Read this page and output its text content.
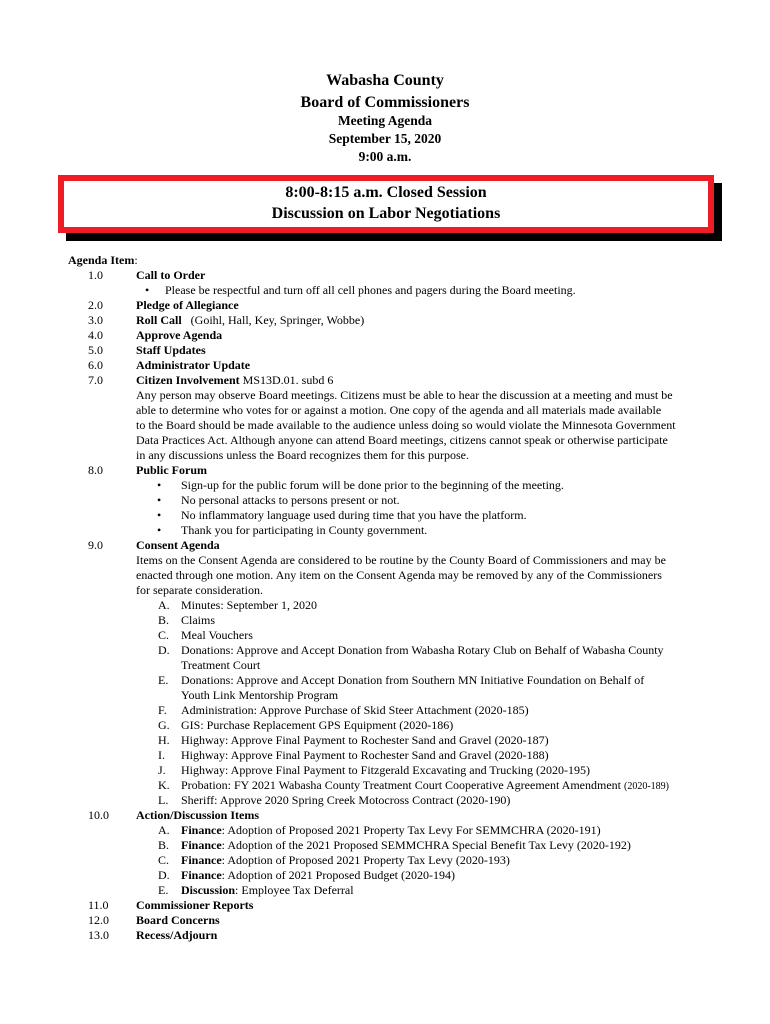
Wabasha County
Board of Commissioners
Meeting Agenda
September 15, 2020
9:00 a.m.
8:00-8:15 a.m. Closed Session
Discussion on Labor Negotiations
Agenda Item:
1.0	Call to Order
• Please be respectful and turn off all cell phones and pagers during the Board meeting.
2.0	Pledge of Allegiance
3.0	Roll Call (Goihl, Hall, Key, Springer, Wobbe)
4.0	Approve Agenda
5.0	Staff Updates
6.0	Administrator Update
7.0	Citizen Involvement MS13D.01. subd 6

Any person may observe Board meetings. Citizens must be able to hear the discussion at a meeting and must be

able to determine who votes for or against a motion. One copy of the agenda and all materials made available

to the Board should be made available to the audience unless doing so would violate the Minnesota Government

Data Practices Act. Although anyone can attend Board meetings, citizens cannot speak or otherwise participate

in any discussions unless the Board recognizes them for this purpose.

8.0	Public Forum
• Sign-up for the public forum will be done prior to the beginning of the meeting.
• No personal attacks to persons present or not.
• No inflammatory language used during time that you have the platform.
• Thank you for participating in County government.
9.0	Consent Agenda

Items on the Consent Agenda are considered to be routine by the County Board of Commissioners and may be

enacted through one motion. Any item on the Consent Agenda may be removed by any of the Commissioners

for separate consideration.

A. Minutes: September 1, 2020
B. Claims
C. Meal Vouchers
D. Donations: Approve and Accept Donation from Wabasha Rotary Club on Behalf of Wabasha County
Treatment Court
E.	Donations: Approve and Accept Donation from Southern MN Initiative Foundation on Behalf of
Youth Link Mentorship Program
F.	Administration: Approve Purchase of Skid Steer Attachment (2020-185)
G. GIS: Purchase Replacement GPS Equipment (2020-186)
H. Highway: Approve Final Payment to Rochester Sand and Gravel (2020-187)
I.	Highway: Approve Final Payment to Rochester Sand and Gravel (2020-188)
J.	Highway: Approve Final Payment to Fitzgerald Excavating and Trucking (2020-195)
K. Probation: FY 2021 Wabasha County Treatment Court Cooperative Agreement Amendment (2020-189)
L.	Sheriff: Approve 2020 Spring Creek Motocross Contract (2020-190)
10.0	Action/Discussion Items
A. Finance: Adoption of Proposed 2021 Property Tax Levy For SEMMCHRA (2020-191)
B. Finance: Adoption of the 2021 Proposed SEMMCHRA Special Benefit Tax Levy (2020-192)
C. Finance: Adoption of Proposed 2021 Property Tax Levy (2020-193)
D. Finance: Adoption of 2021 Proposed Budget (2020-194)
E.	Discussion: Employee Tax Deferral
11.0	Commissioner Reports
12.0	Board Concerns
13.0	Recess/Adjourn
